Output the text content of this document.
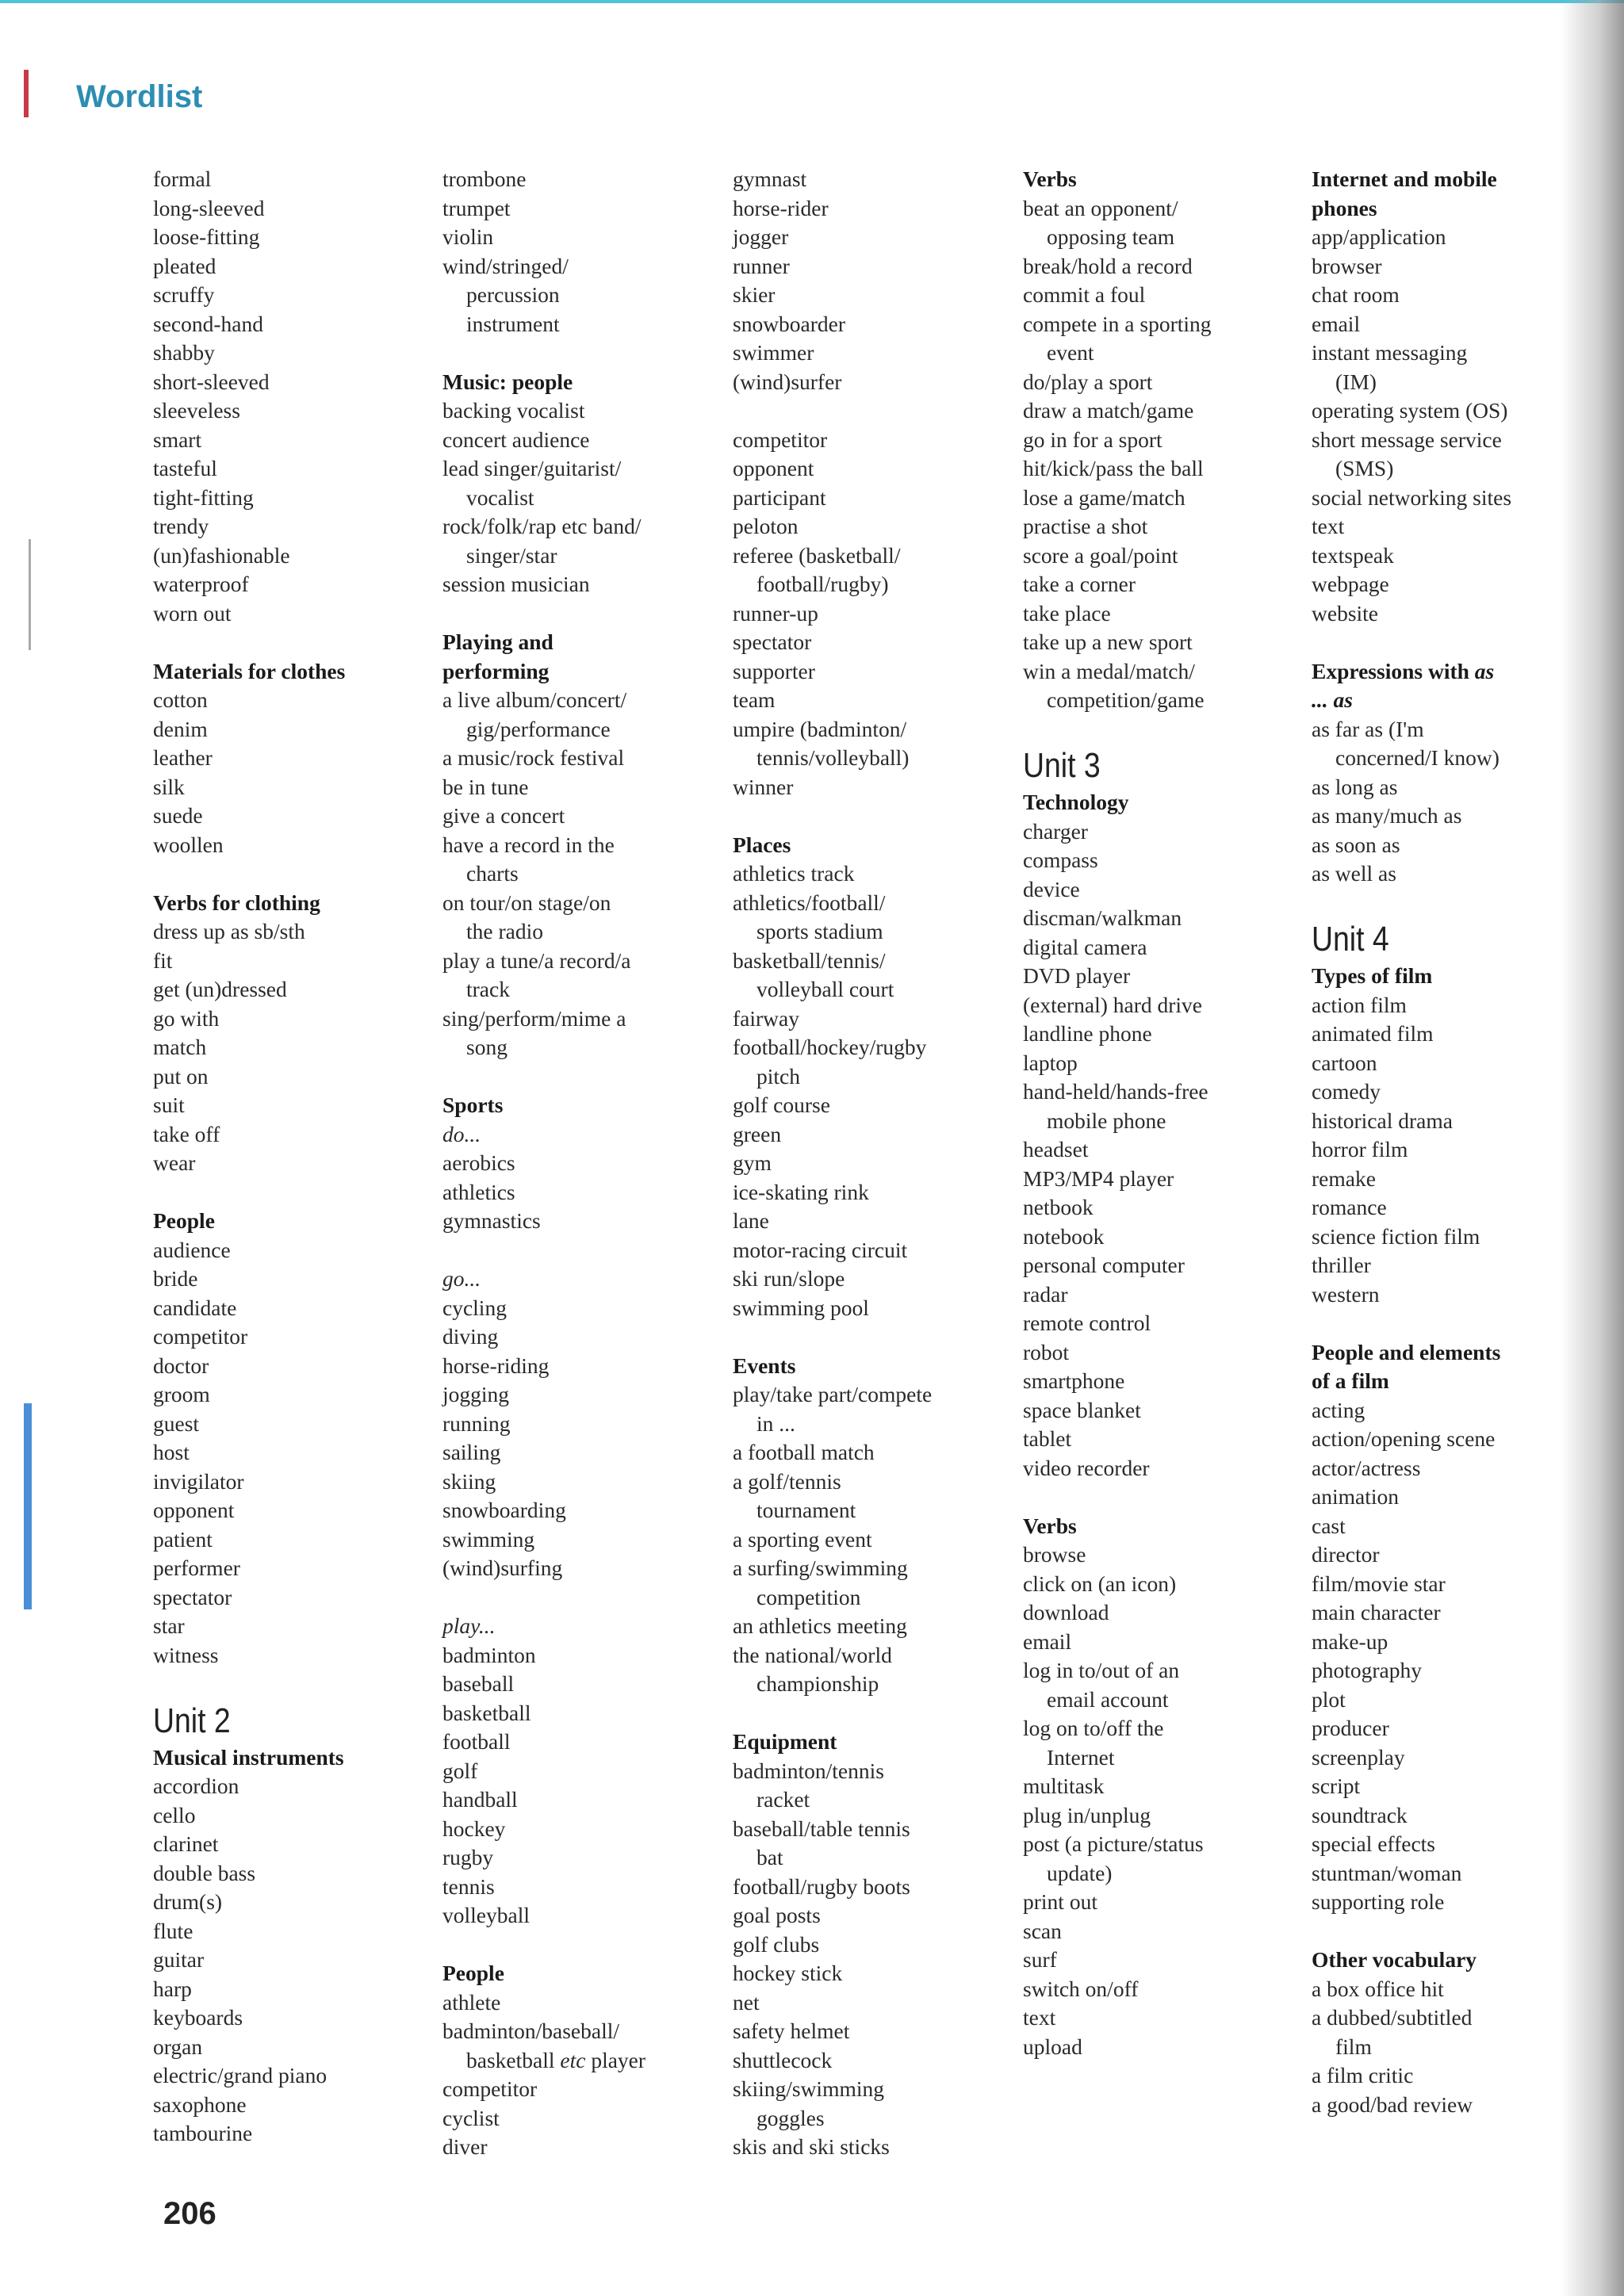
Wordlist
formal
long-sleeved
loose-fitting
pleated
scruffy
second-hand
shabby
short-sleeved
sleeveless
smart
tasteful
tight-fitting
trendy
(un)fashionable
waterproof
worn out
Materials for clothes
cotton
denim
leather
silk
suede
woollen
Verbs for clothing
dress up as sb/sth
fit
get (un)dressed
go with
match
put on
suit
take off
wear
People
audience
bride
candidate
competitor
doctor
groom
guest
host
invigilator
opponent
patient
performer
spectator
star
witness
Unit 2
Musical instruments
accordion
cello
clarinet
double bass
drum(s)
flute
guitar
harp
keyboards
organ
electric/grand piano
saxophone
tambourine
trombone
trumpet
violin
wind/stringed/
percussion
instrument
Music: people
backing vocalist
concert audience
lead singer/guitarist/
vocalist
rock/folk/rap etc band/
singer/star
session musician
Playing and
performing
a live album/concert/
gig/performance
a music/rock festival
be in tune
give a concert
have a record in the
charts
on tour/on stage/on
the radio
play a tune/a record/a
track
sing/perform/mime a
song
Sports
do...
aerobics
athletics
gymnastics
go...
cycling
diving
horse-riding
jogging
running
sailing
skiing
snowboarding
swimming
(wind)surfing
play...
badminton
baseball
basketball
football
golf
handball
hockey
rugby
tennis
volleyball
People
athlete
badminton/baseball/
basketball etc player
competitor
cyclist
diver
gymnast
horse-rider
jogger
runner
skier
snowboarder
swimmer
(wind)surfer
competitor
opponent
participant
peloton
referee (basketball/
football/rugby)
runner-up
spectator
supporter
team
umpire (badminton/
tennis/volleyball)
winner
Places
athletics track
athletics/football/
sports stadium
basketball/tennis/
volleyball court
fairway
football/hockey/rugby
pitch
golf course
green
gym
ice-skating rink
lane
motor-racing circuit
ski run/slope
swimming pool
Events
play/take part/compete
in ...
a football match
a golf/tennis
tournament
a sporting event
a surfing/swimming
competition
an athletics meeting
the national/world
championship
Equipment
badminton/tennis
racket
baseball/table tennis
bat
football/rugby boots
goal posts
golf clubs
hockey stick
net
safety helmet
shuttlecock
skiing/swimming
goggles
skis and ski sticks
Verbs
beat an opponent/
opposing team
break/hold a record
commit a foul
compete in a sporting
event
do/play a sport
draw a match/game
go in for a sport
hit/kick/pass the ball
lose a game/match
practise a shot
score a goal/point
take a corner
take place
take up a new sport
win a medal/match/
competition/game
Unit 3
Technology
charger
compass
device
discman/walkman
digital camera
DVD player
(external) hard drive
landline phone
laptop
hand-held/hands-free
mobile phone
headset
MP3/MP4 player
netbook
notebook
personal computer
radar
remote control
robot
smartphone
space blanket
tablet
video recorder
Verbs
browse
click on (an icon)
download
email
log in to/out of an
email account
log on to/off the
Internet
multitask
plug in/unplug
post (a picture/status
update)
print out
scan
surf
switch on/off
text
upload
Internet and mobile
phones
app/application
browser
chat room
email
instant messaging
(IM)
operating system (OS)
short message service
(SMS)
social networking sites
text
textspeak
webpage
website
Expressions with as
... as
as far as (I'm
concerned/I know)
as long as
as many/much as
as soon as
as well as
Unit 4
Types of film
action film
animated film
cartoon
comedy
historical drama
horror film
remake
romance
science fiction film
thriller
western
People and elements
of a film
acting
action/opening scene
actor/actress
animation
cast
director
film/movie star
main character
make-up
photography
plot
producer
screenplay
script
soundtrack
special effects
stuntman/woman
supporting role
Other vocabulary
a box office hit
a dubbed/subtitled
film
a film critic
a good/bad review
206
